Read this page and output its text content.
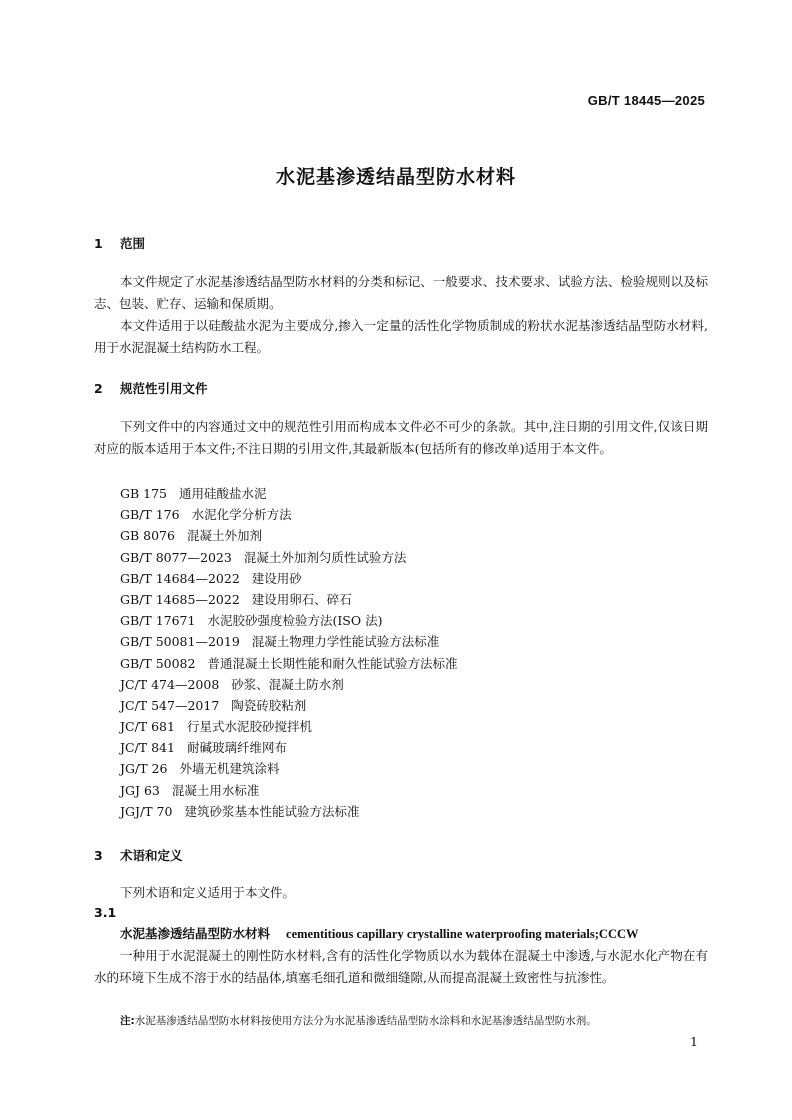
GB/T 18445—2025
水泥基渗透结晶型防水材料
1 范围

本文件规定了水泥基渗透结晶型防水材料的分类和标记、一般要求、技术要求、试验方法、检验规则以及标志、包装、贮存、运输和保质期。

本文件适用于以硅酸盐水泥为主要成分,掺入一定量的活性化学物质制成的粉状水泥基渗透结晶型防水材料,用于水泥混凝土结构防水工程。

2 规范性引用文件

下列文件中的内容通过文中的规范性引用而构成本文件必不可少的条款。其中,注日期的引用文件,仅该日期对应的版本适用于本文件;不注日期的引用文件,其最新版本(包括所有的修改单)适用于本文件。

GB 175 通用硅酸盐水泥
GB/T 176 水泥化学分析方法
GB 8076 混凝土外加剂
GB/T 8077—2023 混凝土外加剂匀质性试验方法
GB/T 14684—2022 建设用砂
GB/T 14685—2022 建设用卵石、碎石
GB/T 17671 水泥胶砂强度检验方法(ISO 法)
GB/T 50081—2019 混凝土物理力学性能试验方法标准
GB/T 50082 普通混凝土长期性能和耐久性能试验方法标准
JC/T 474—2008 砂浆、混凝土防水剂
JC/T 547—2017 陶瓷砖胶粘剂
JC/T 681 行星式水泥胶砂搅拌机
JC/T 841 耐碱玻璃纤维网布
JG/T 26 外墙无机建筑涂料
JGJ 63 混凝土用水标准
JGJ/T 70 建筑砂浆基本性能试验方法标准
3 术语和定义

下列术语和定义适用于本文件。

3.1
水泥基渗透结晶型防水材料 cementitious capillary crystalline waterproofing materials;CCCW

一种用于水泥混凝土的刚性防水材料,含有的活性化学物质以水为载体在混凝土中渗透,与水泥水化产物在有水的环境下生成不溶于水的结晶体,填塞毛细孔道和微细缝隙,从而提高混凝土致密性与抗渗性。

注:水泥基渗透结晶型防水材料按使用方法分为水泥基渗透结晶型防水涂料和水泥基渗透结晶型防水剂。
1
